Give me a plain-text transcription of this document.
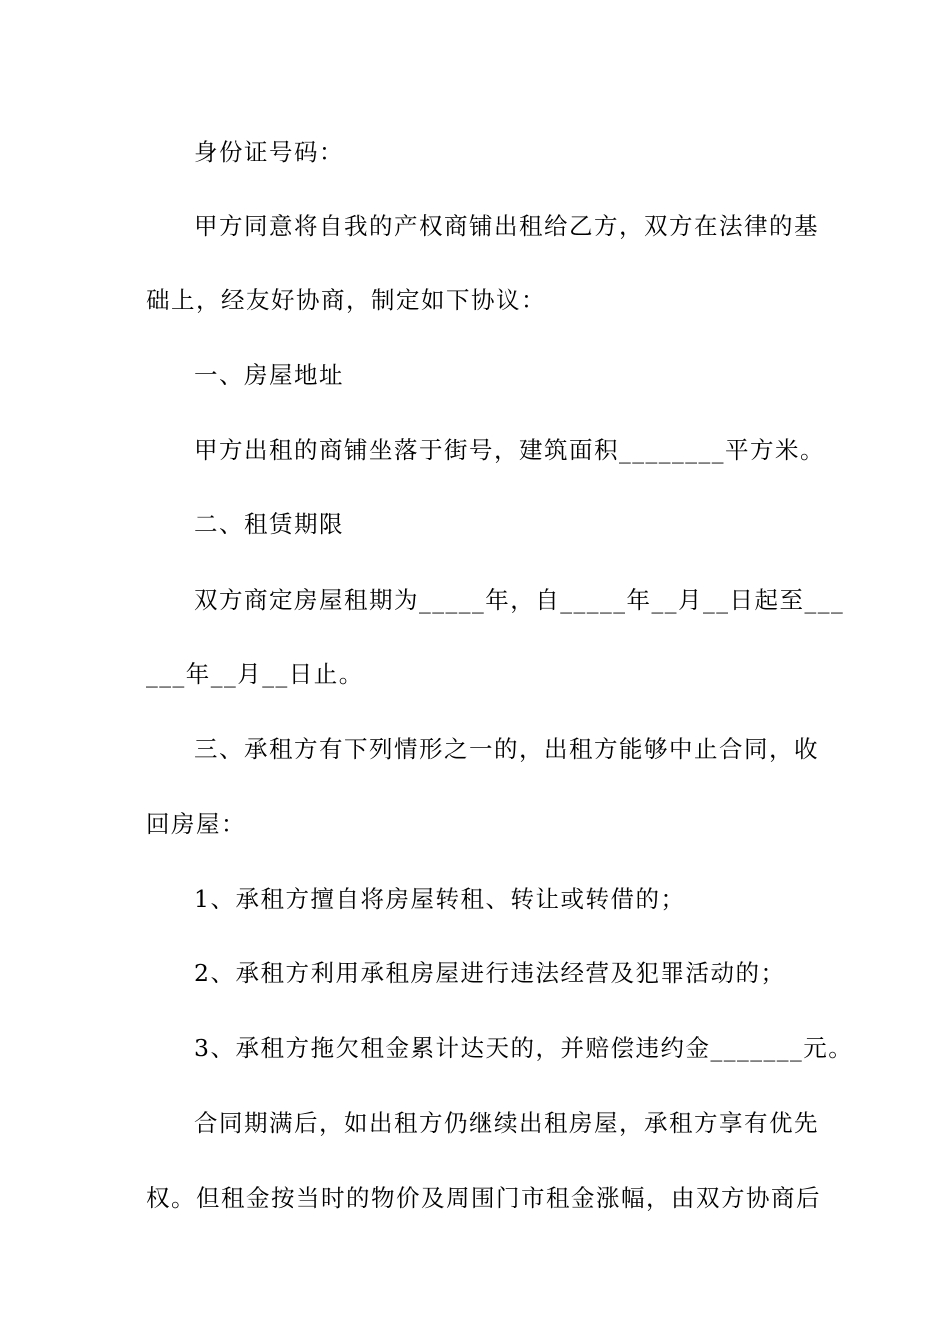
身份证号码：
甲方同意将自我的产权商铺出租给乙方，双方在法律的基
础上，经友好协商，制定如下协议：
一、房屋地址
甲方出租的商铺坐落于街号，建筑面积________平方米。
二、租赁期限
双方商定房屋租期为_____年，自_____年__月__日起至___
___年__月__日止。
三、承租方有下列情形之一的，出租方能够中止合同，收
回房屋：
1、承租方擅自将房屋转租、转让或转借的；
2、承租方利用承租房屋进行违法经营及犯罪活动的；
3、承租方拖欠租金累计达天的，并赔偿违约金_______元。
合同期满后，如出租方仍继续出租房屋，承租方享有优先
权。但租金按当时的物价及周围门市租金涨幅，由双方协商后
